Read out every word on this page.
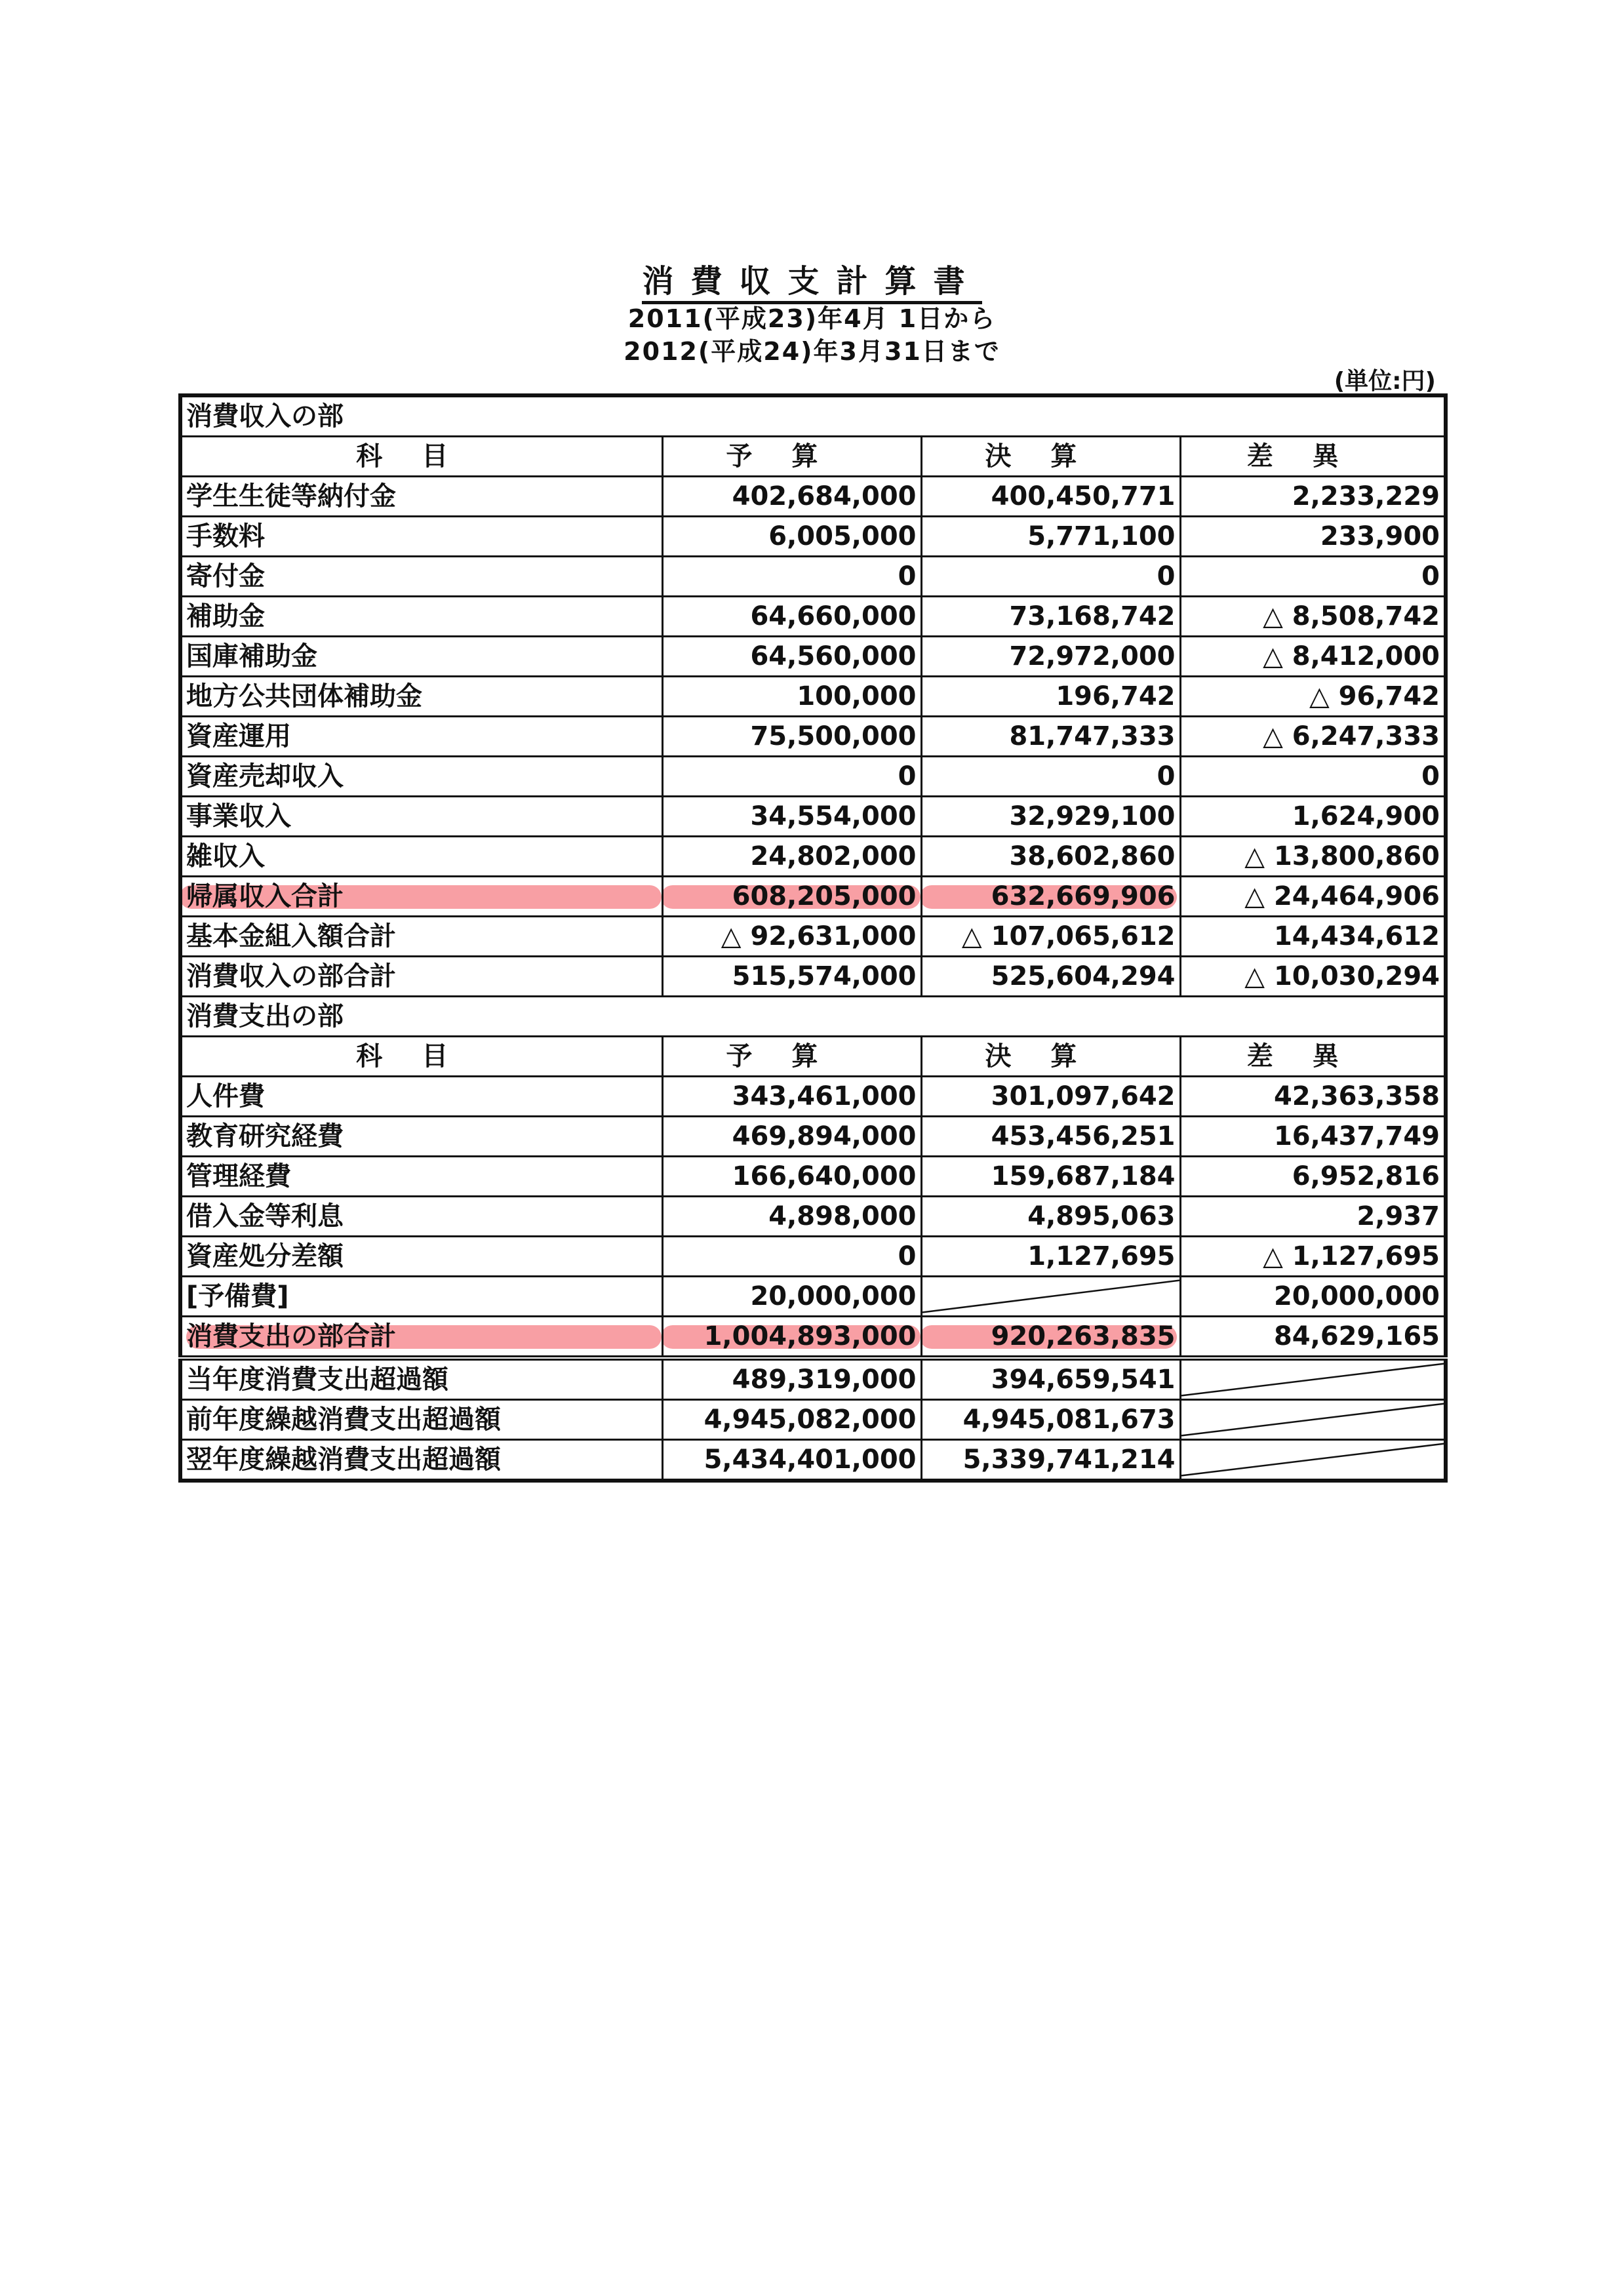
消費収支計算書
2011(平成23)年4月 1日から
2012(平成24)年3月31日まで
(単位:円)
消費収入の部			
科目	予算	決算	差異
学生生徒等納付金	402,684,000	400,450,771	2,233,229
手数料	6,005,000	5,771,100	233,900
寄付金	0	0	0
補助金	64,660,000	73,168,742	△ 8,508,742
国庫補助金	64,560,000	72,972,000	△ 8,412,000
地方公共団体補助金	100,000	196,742	△ 96,742
資産運用	75,500,000	81,747,333	△ 6,247,333
資産売却収入	0	0	0
事業収入	34,554,000	32,929,100	1,624,900
雑収入	24,802,000	38,602,860	△ 13,800,860

帰属収入合計	608,205,000	632,669,906	△ 24,464,906
基本金組入額合計	△ 92,631,000	△ 107,065,612	14,434,612
消費収入の部合計	515,574,000	525,604,294	△ 10,030,294
消費支出の部			
科目	予算	決算	差異
人件費	343,461,000	301,097,642	42,363,358
教育研究経費	469,894,000	453,456,251	16,437,749
管理経費	166,640,000	159,687,184	6,952,816
借入金等利息	4,898,000	4,895,063	2,937
資産処分差額	0	1,127,695	△ 1,127,695
[予備費]	20,000,000		20,000,000

消費支出の部合計	1,004,893,000	920,263,835	84,629,165
当年度消費支出超過額	489,319,000	394,659,541	

前年度繰越消費支出超過額	4,945,082,000	4,945,081,673	

翌年度繰越消費支出超過額	5,434,401,000	5,339,741,214	
